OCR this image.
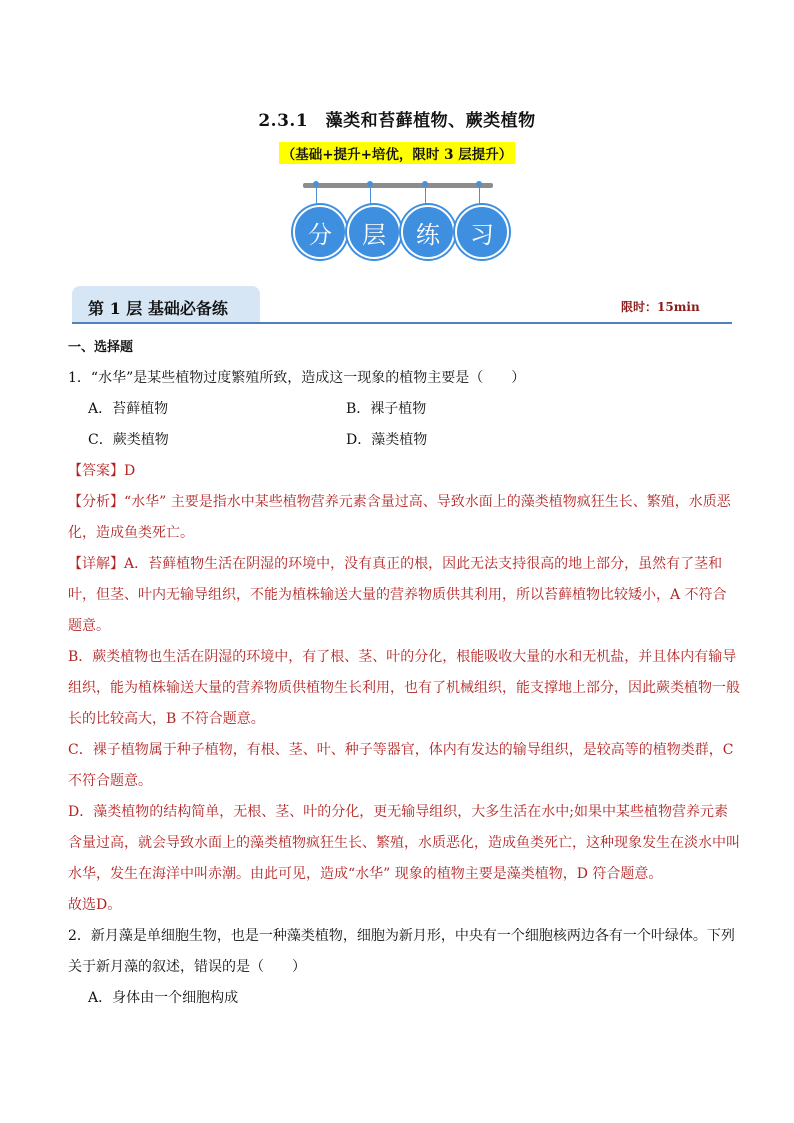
2.3.1　藻类和苔藓植物、蕨类植物
（基础+提升+培优，限时 3 层提升）
分	层	练	习
第 1 层 基础必备练	限时：15min

一、选择题

1．“水华”是某些植物过度繁殖所致，造成这一现象的植物主要是（　　）

A．苔藓植物	B．裸子植物
C．蕨类植物	D．藻类植物

【答案】D

【分析】“水华” 主要是指水中某些植物营养元素含量过高、导致水面上的藻类植物疯狂生长、繁殖，水质恶化，造成鱼类死亡。

【详解】A．苔藓植物生活在阴湿的环境中，没有真正的根，因此无法支持很高的地上部分，虽然有了茎和叶，但茎、叶内无输导组织，不能为植株输送大量的营养物质供其利用，所以苔藓植物比较矮小，A 不符合题意。

B．蕨类植物也生活在阴湿的环境中，有了根、茎、叶的分化，根能吸收大量的水和无机盐，并且体内有输导组织，能为植株输送大量的营养物质供植物生长利用，也有了机械组织，能支撑地上部分，因此蕨类植物一般长的比较高大，B 不符合题意。

C．裸子植物属于种子植物，有根、茎、叶、种子等器官，体内有发达的输导组织，是较高等的植物类群，C 不符合题意。

D．藻类植物的结构简单，无根、茎、叶的分化，更无输导组织，大多生活在水中;如果中某些植物营养元素含量过高，就会导致水面上的藻类植物疯狂生长、繁殖，水质恶化，造成鱼类死亡，这种现象发生在淡水中叫水华，发生在海洋中叫赤潮。由此可见，造成“水华” 现象的植物主要是藻类植物，D 符合题意。

故选D。

2．新月藻是单细胞生物，也是一种藻类植物，细胞为新月形，中央有一个细胞核两边各有一个叶绿体。下列关于新月藻的叙述，错误的是（　　）

A．身体由一个细胞构成
